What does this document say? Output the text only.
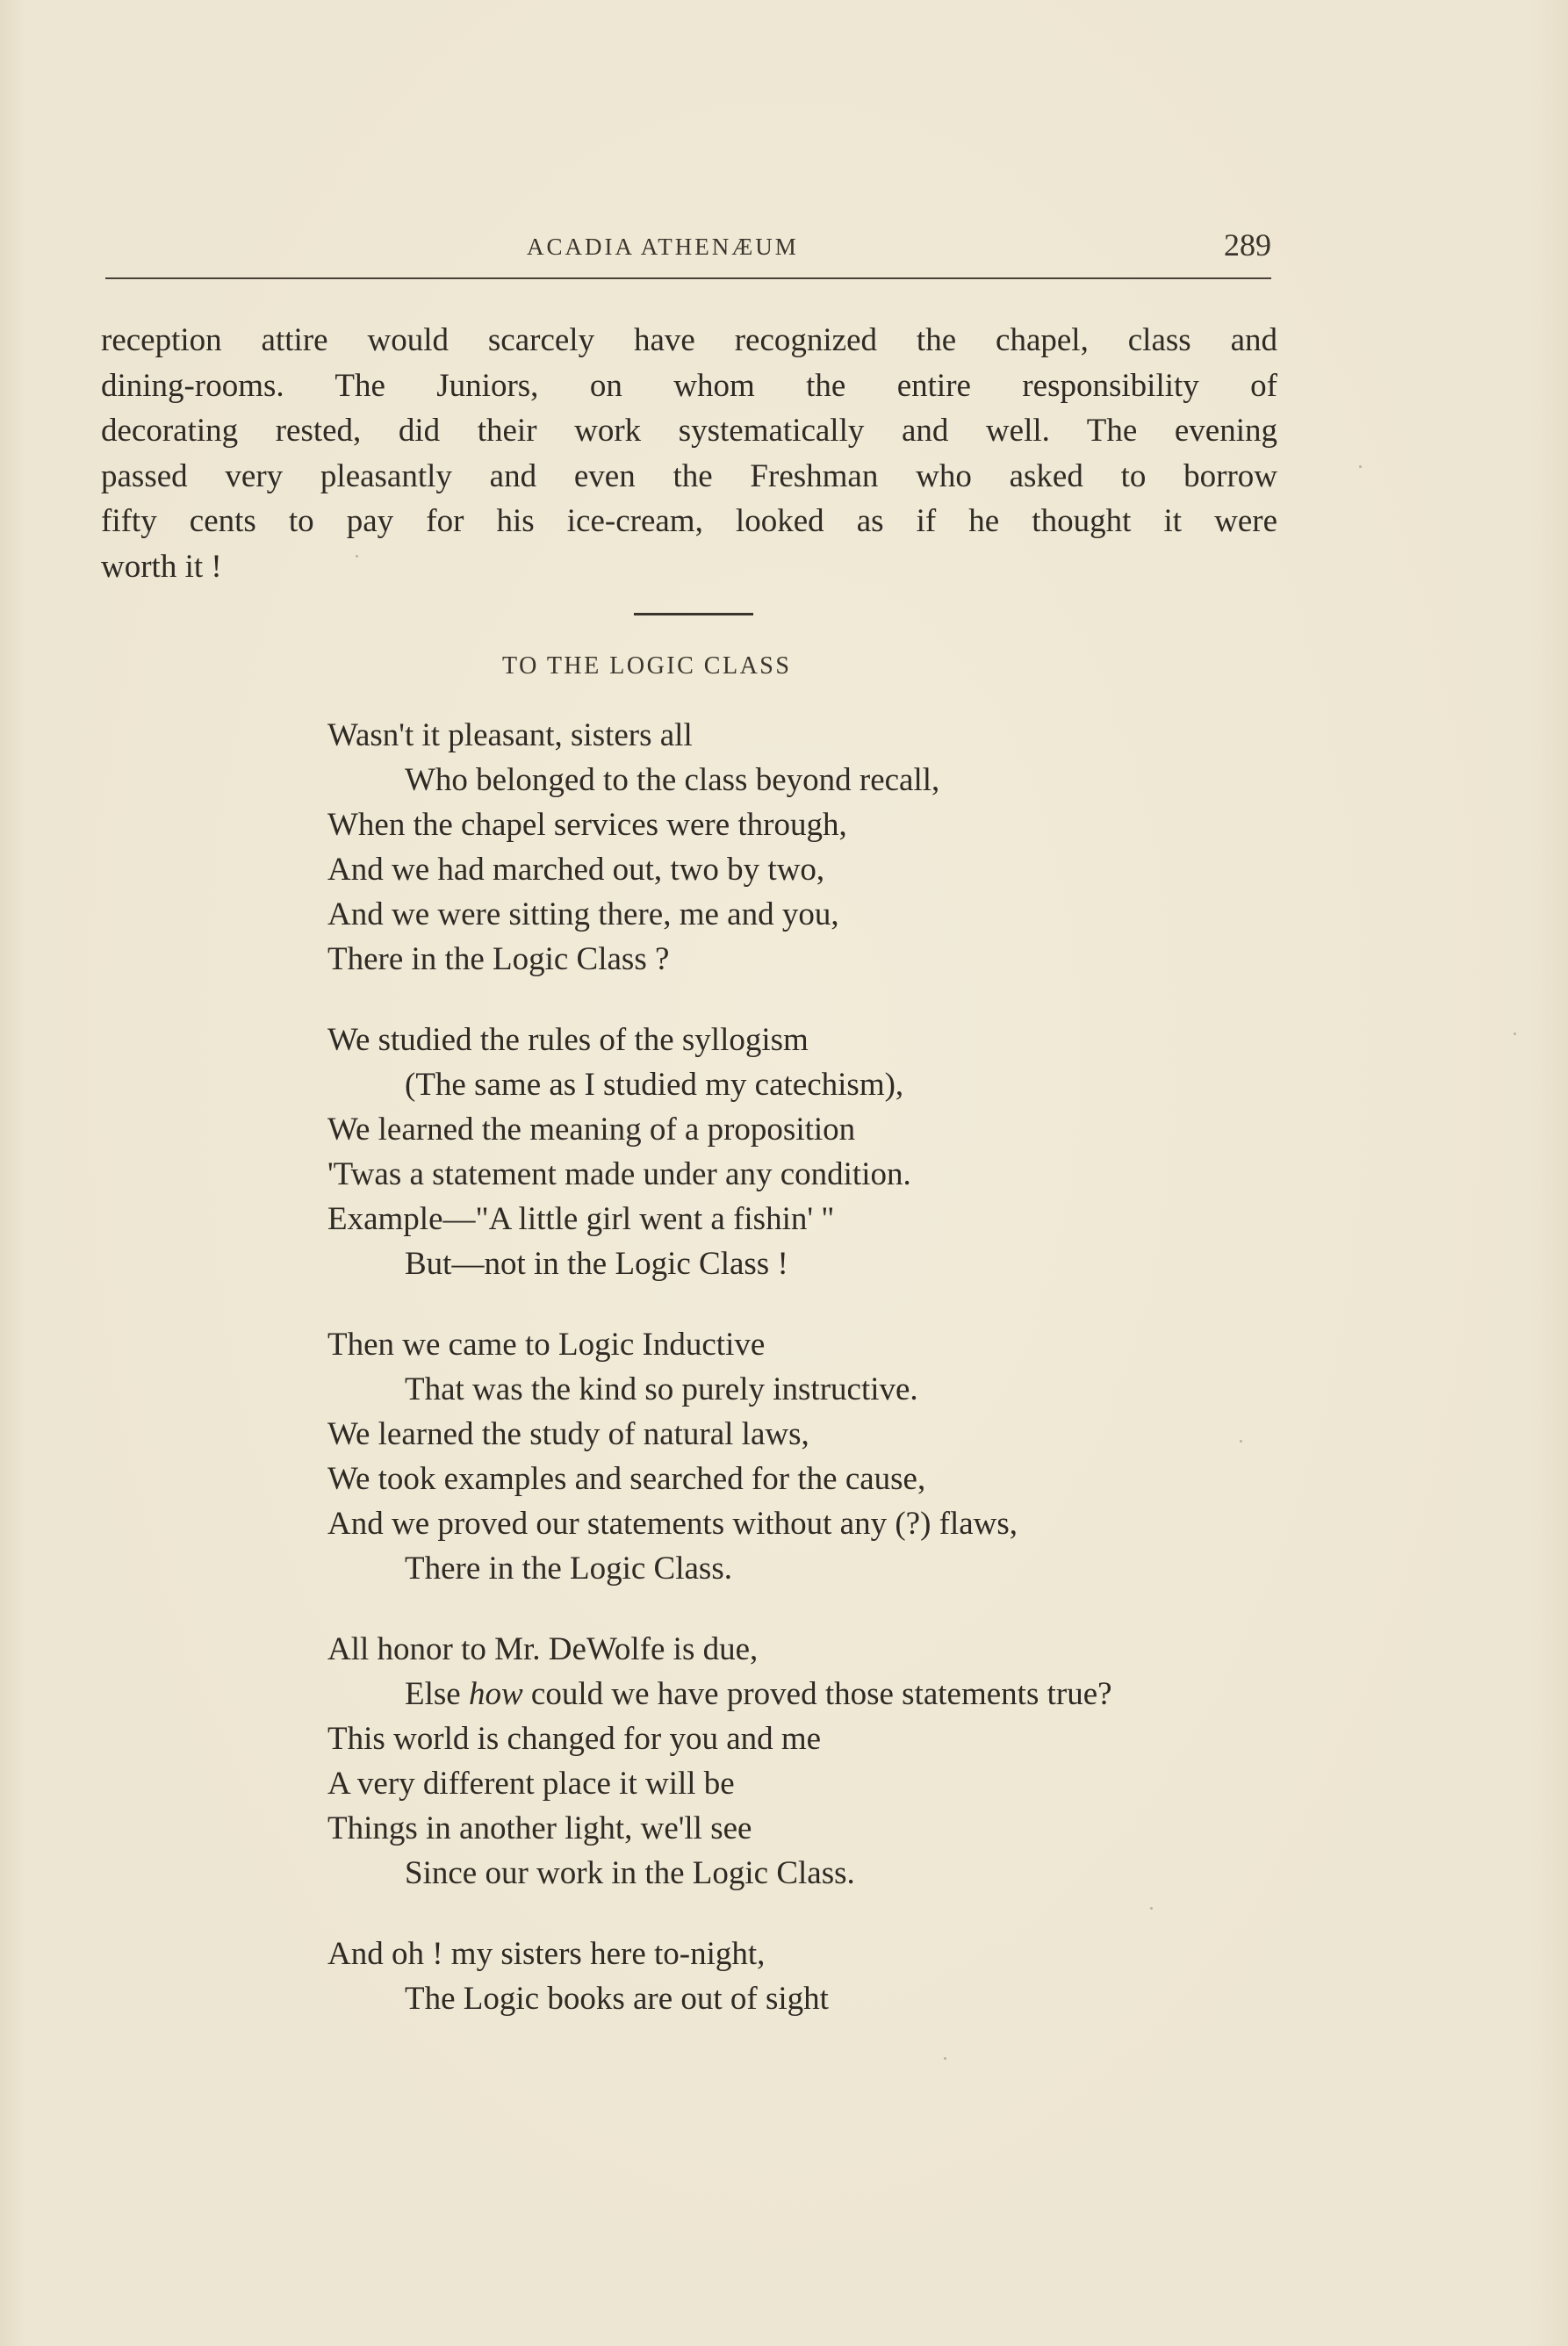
ACADIA ATHENÆUM	289
reception attire would scarcely have recognized the chapel, class and
dining-rooms. The Juniors, on whom the entire responsibility of
decorating rested, did their work systematically and well. The evening
passed very pleasantly and even the Freshman who asked to borrow
fifty cents to pay for his ice-cream, looked as if he thought it were
worth it !
TO THE LOGIC CLASS
Wasn't it pleasant, sisters all
Who belonged to the class beyond recall,
When the chapel services were through,
And we had marched out, two by two,
And we were sitting there, me and you,
There in the Logic Class ?
We studied the rules of the syllogism
(The same as I studied my catechism),
We learned the meaning of a proposition
'Twas a statement made under any condition.
Example—"A little girl went a fishin' "
But—not in the Logic Class !
Then we came to Logic Inductive
That was the kind so purely instructive.
We learned the study of natural laws,
We took examples and searched for the cause,
And we proved our statements without any (?) flaws,
There in the Logic Class.
All honor to Mr. DeWolfe is due,
Else how could we have proved those statements true?
This world is changed for you and me
A very different place it will be
Things in another light, we'll see
Since our work in the Logic Class.
And oh ! my sisters here to-night,
The Logic books are out of sight
